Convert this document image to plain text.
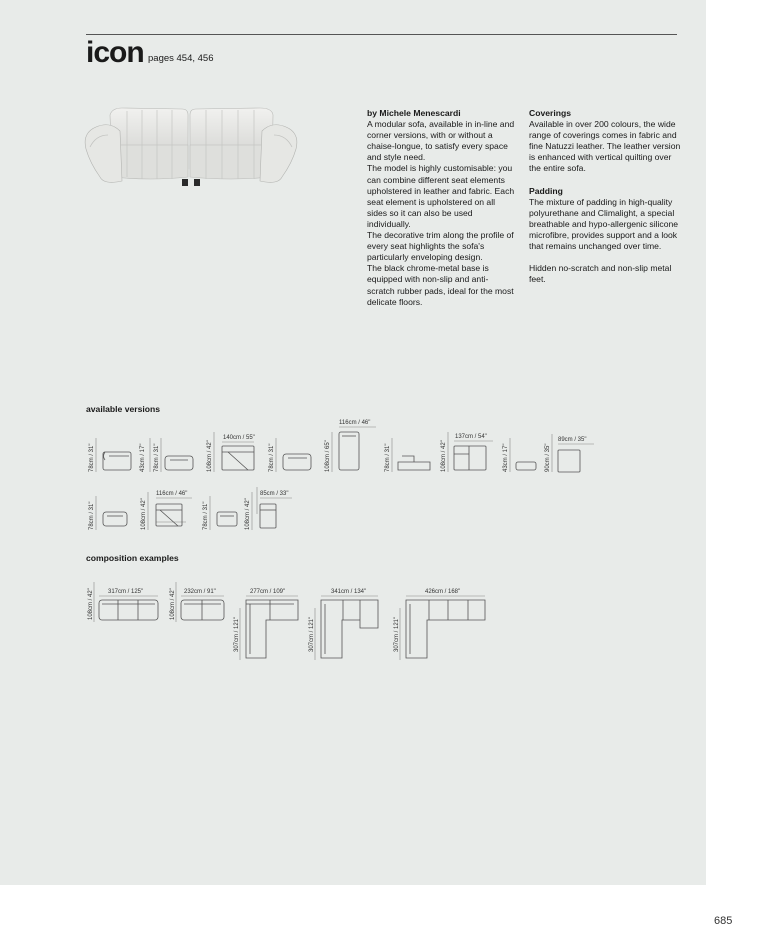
icon pages 454, 456
by Michele Menescardi
A modular sofa, available in in-line and corner versions, with or without a chaise-longue, to satisfy every space and style need.
The model is highly customisable: you can combine different seat elements upholstered in leather and fabric. Each seat element is upholstered on all sides so it can also be used individually.
The decorative trim along the profile of every seat highlights the sofa's particularly enveloping design.
The black chrome-metal base is equipped with non-slip and anti-scratch rubber pads, ideal for the most delicate floors.
Coverings
Available in over 200 colours, the wide range of coverings comes in fabric and fine Natuzzi leather. The leather version is enhanced with vertical quilting over the entire sofa.
Padding
The mixture of padding in high-quality polyurethane and Climalight, a special breathable and hypo-allergenic silicone microfibre, provides support and a look that remains unchanged over time.
Hidden no-scratch and non-slip metal feet.
available versions
78cm / 31"	43cm / 17" 78cm / 31"	108cm / 42"
140cm / 55"
78cm / 31"	108cm / 65"
116cm / 46"
78cm / 31"	108cm / 42"
137cm / 54"
43cm / 17"	90cm / 35"
89cm / 35"
78cm / 31"	108cm / 42"
116cm / 46"
78cm / 31"	108cm / 42"
85cm / 33"
composition examples
108cm / 42" 317cm / 125"	108cm / 42" 232cm / 91"	277cm / 109"
307cm / 121"
341cm / 134"
307cm / 121"
426cm / 168"
307cm / 121"
685
